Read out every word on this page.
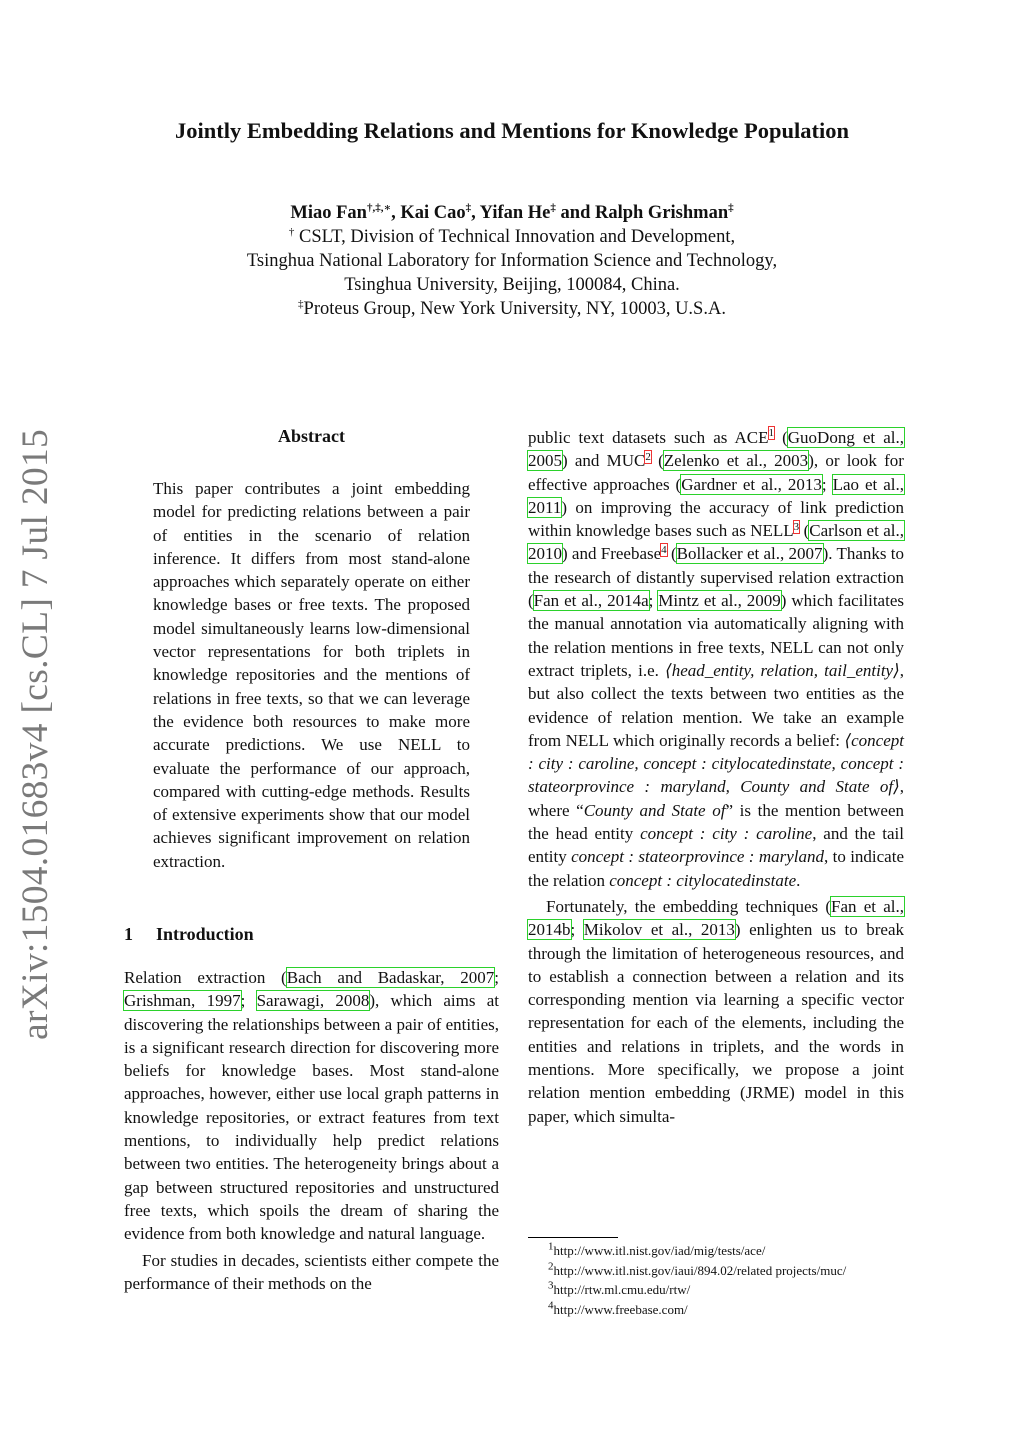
arXiv:1504.01683v4 [cs.CL] 7 Jul 2015
Jointly Embedding Relations and Mentions for Knowledge Population
Miao Fan†,‡,∗, Kai Cao‡, Yifan He‡ and Ralph Grishman‡
† CSLT, Division of Technical Innovation and Development,
Tsinghua National Laboratory for Information Science and Technology,
Tsinghua University, Beijing, 100084, China.
‡Proteus Group, New York University, NY, 10003, U.S.A.
Abstract
This paper contributes a joint embedding model for predicting relations between a pair of entities in the scenario of relation inference. It differs from most stand-alone approaches which separately operate on either knowledge bases or free texts. The proposed model simultaneously learns low-dimensional vector representations for both triplets in knowledge repositories and the mentions of relations in free texts, so that we can leverage the evidence both resources to make more accurate predictions. We use NELL to evaluate the performance of our approach, compared with cutting-edge methods. Results of extensive experiments show that our model achieves significant improvement on relation extraction.
1 Introduction

Relation extraction (Bach and Badaskar, 2007; Grishman, 1997; Sarawagi, 2008), which aims at discovering the relationships between a pair of entities, is a significant research direction for discovering more beliefs for knowledge bases. Most stand-alone approaches, however, either use local graph patterns in knowledge repositories, or extract features from text mentions, to individually help predict relations between two entities. The heterogeneity brings about a gap between structured repositories and unstructured free texts, which spoils the dream of sharing the evidence from both knowledge and natural language.

For studies in decades, scientists either compete the performance of their methods on the

public text datasets such as ACE$^1$ (GuoDong et al., 2005) and MUC$^2$ (Zelenko et al., 2003), or look for effective approaches (Gardner et al., 2013; Lao et al., 2011) on improving the accuracy of link prediction within knowledge bases such as NELL$^3$ (Carlson et al., 2010) and Freebase$^4$ (Bollacker et al., 2007). Thanks to the research of distantly supervised relation extraction (Fan et al., 2014a; Mintz et al., 2009) which facilitates the manual annotation via automatically aligning with the relation mentions in free texts, NELL can not only extract triplets, i.e. ⟨head_entity, relation, tail_entity⟩, but also collect the texts between two entities as the evidence of relation mention. We take an example from NELL which originally records a belief: ⟨concept : city : caroline, concept : citylocatedinstate, concept : stateorprovince : maryland, County and State of⟩, where “County and State of” is the mention between the head entity concept : city : caroline, and the tail entity concept : stateorprovince : maryland, to indicate the relation concept : citylocatedinstate.

Fortunately, the embedding techniques (Fan et al., 2014b; Mikolov et al., 2013) enlighten us to break through the limitation of heterogeneous resources, and to establish a connection between a relation and its corresponding mention via learning a specific vector representation for each of the elements, including the entities and relations in triplets, and the words in mentions. More specifically, we propose a joint relation mention embedding (JRME) model in this paper, which simulta-

$^1$http://www.itl.nist.gov/iad/mig/tests/ace/
$^2$http://www.itl.nist.gov/iaui/894.02/related projects/muc/
$^3$http://rtw.ml.cmu.edu/rtw/
$^4$http://www.freebase.com/
